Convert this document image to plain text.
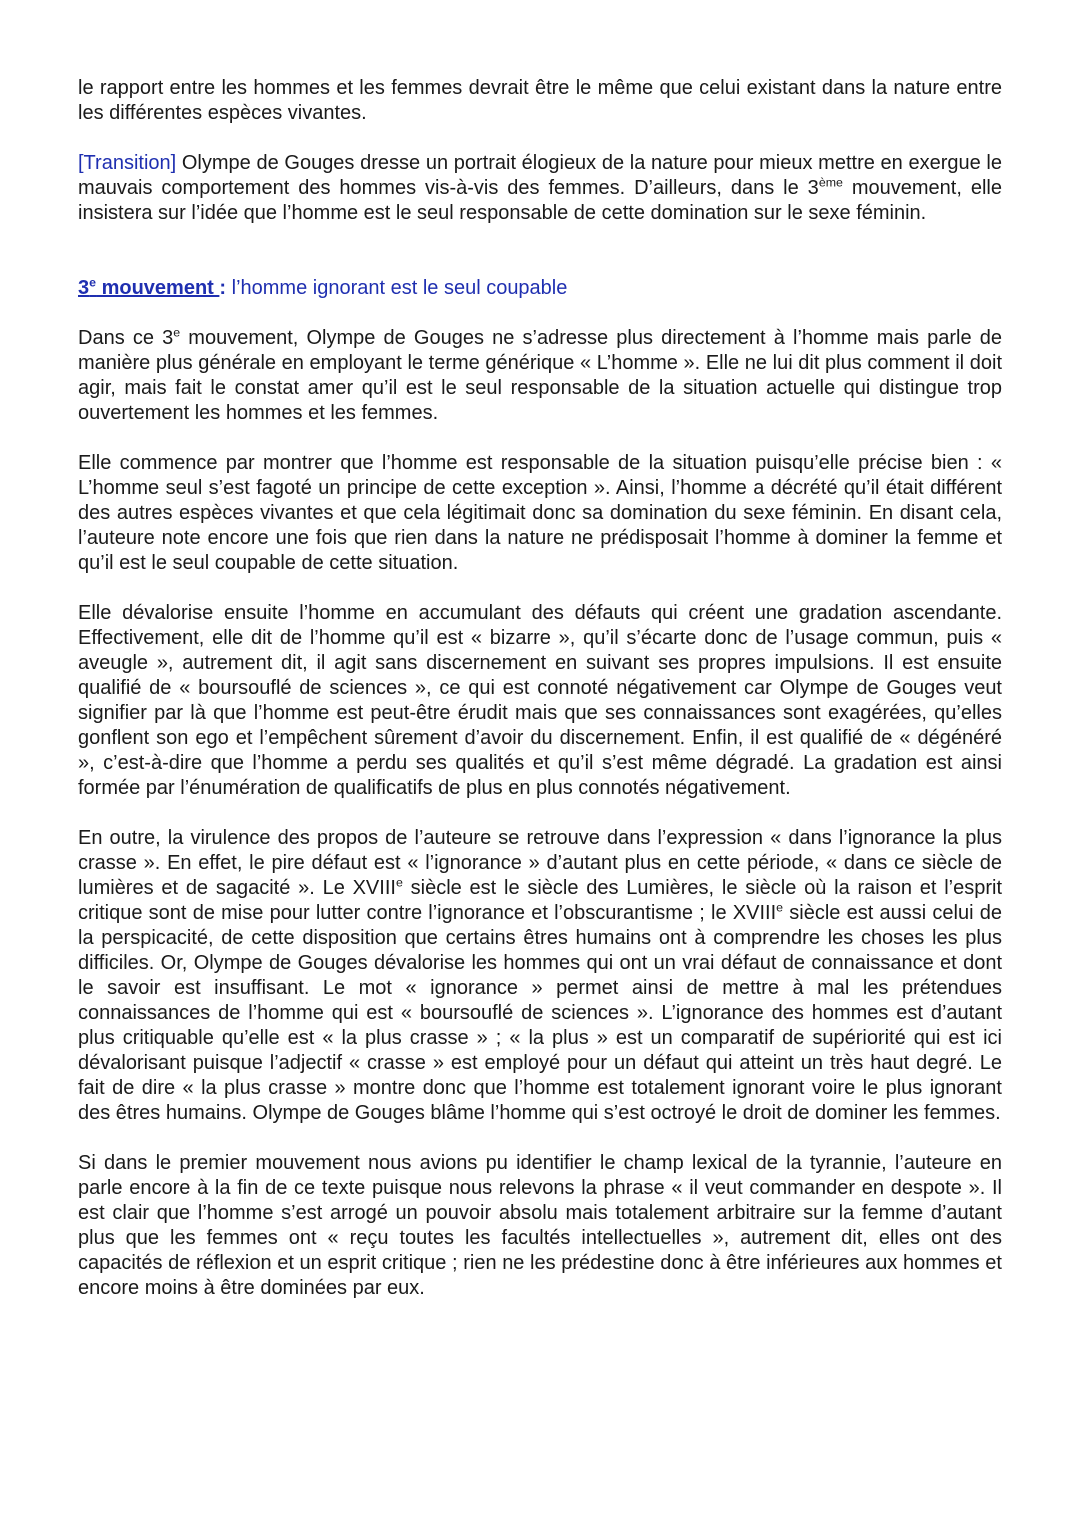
le rapport entre les hommes et les femmes devrait être le même que celui existant dans la nature entre les différentes espèces vivantes.

[Transition] Olympe de Gouges dresse un portrait élogieux de la nature pour mieux mettre en exergue le mauvais comportement des hommes vis-à-vis des femmes. D’ailleurs, dans le 3ème mouvement, elle insistera sur l’idée que l’homme est le seul responsable de cette domination sur le sexe féminin.

3e mouvement : l’homme ignorant est le seul coupable

Dans ce 3e mouvement, Olympe de Gouges ne s’adresse plus directement à l’homme mais parle de manière plus générale en employant le terme générique « L’homme ». Elle ne lui dit plus comment il doit agir, mais fait le constat amer qu’il est le seul responsable de la situation actuelle qui distingue trop ouvertement les hommes et les femmes.

Elle commence par montrer que l’homme est responsable de la situation puisqu’elle précise bien : « L’homme seul s’est fagoté un principe de cette exception ». Ainsi, l’homme a décrété qu’il était différent des autres espèces vivantes et que cela légitimait donc sa domination du sexe féminin. En disant cela, l’auteure note encore une fois que rien dans la nature ne prédisposait l’homme à dominer la femme et qu’il est le seul coupable de cette situation.

Elle dévalorise ensuite l’homme en accumulant des défauts qui créent une gradation ascendante. Effectivement, elle dit de l’homme qu’il est « bizarre », qu’il s’écarte donc de l’usage commun, puis « aveugle », autrement dit, il agit sans discernement en suivant ses propres impulsions. Il est ensuite qualifié de « boursouflé de sciences », ce qui est connoté négativement car Olympe de Gouges veut signifier par là que l’homme est peut-être érudit mais que ses connaissances sont exagérées, qu’elles gonflent son ego et l’empêchent sûrement d’avoir du discernement. Enfin, il est qualifié de « dégénéré », c’est-à-dire que l’homme a perdu ses qualités et qu’il s’est même dégradé. La gradation est ainsi formée par l’énumération de qualificatifs de plus en plus connotés négativement.

En outre, la virulence des propos de l’auteure se retrouve dans l’expression « dans l’ignorance la plus crasse ». En effet, le pire défaut est « l’ignorance » d’autant plus en cette période, « dans ce siècle de lumières et de sagacité ». Le XVIIIe siècle est le siècle des Lumières, le siècle où la raison et l’esprit critique sont de mise pour lutter contre l’ignorance et l’obscurantisme ; le XVIIIe siècle est aussi celui de la perspicacité, de cette disposition que certains êtres humains ont à comprendre les choses les plus difficiles. Or, Olympe de Gouges dévalorise les hommes qui ont un vrai défaut de connaissance et dont le savoir est insuffisant. Le mot « ignorance » permet ainsi de mettre à mal les prétendues connaissances de l’homme qui est « boursouflé de sciences ». L’ignorance des hommes est d’autant plus critiquable qu’elle est « la plus crasse » ; « la plus » est un comparatif de supériorité qui est ici dévalorisant puisque l’adjectif « crasse » est employé pour un défaut qui atteint un très haut degré. Le fait de dire « la plus crasse » montre donc que l’homme est totalement ignorant voire le plus ignorant des êtres humains. Olympe de Gouges blâme l’homme qui s’est octroyé le droit de dominer les femmes.

Si dans le premier mouvement nous avions pu identifier le champ lexical de la tyrannie, l’auteure en parle encore à la fin de ce texte puisque nous relevons la phrase « il veut commander en despote ». Il est clair que l’homme s’est arrogé un pouvoir absolu mais totalement arbitraire sur la femme d’autant plus que les femmes ont « reçu toutes les facultés intellectuelles », autrement dit, elles ont des capacités de réflexion et un esprit critique ; rien ne les prédestine donc à être inférieures aux hommes et encore moins à être dominées par eux.
